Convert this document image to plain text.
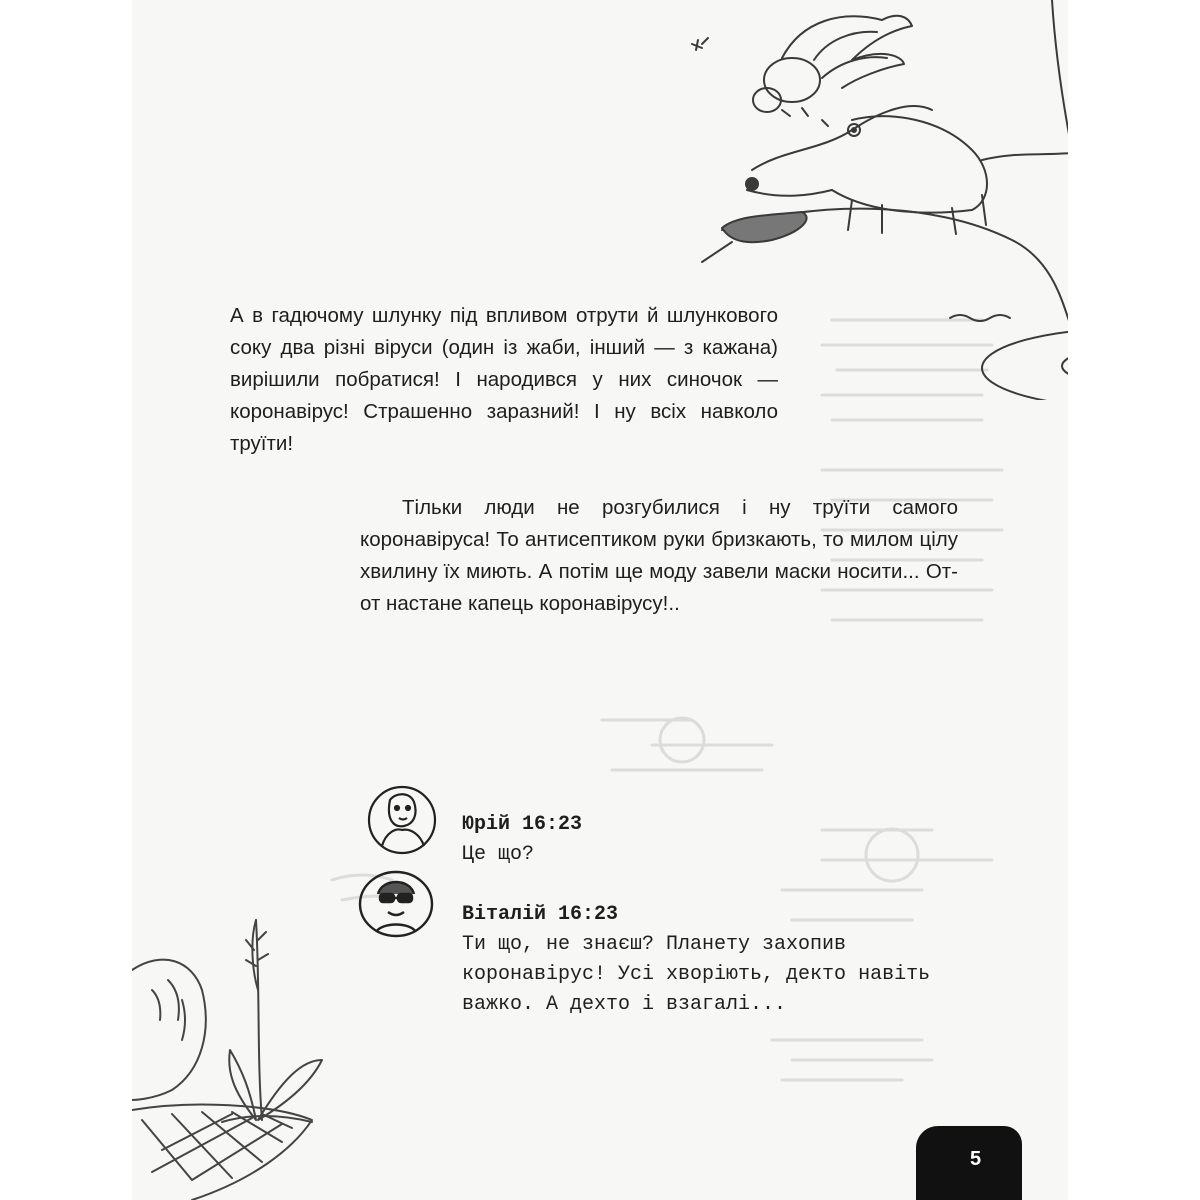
А в гадючому шлунку під впливом отрути й шлункового соку два різні віруси (один із жаби, інший — з кажана) вирішили побратися! І народився у них синочок — коронавірус! Страшенно заразний! І ну всіх навколо труїти!

Тільки люди не розгубилися і ну труїти самого коронавіруса! То антисептиком руки бризкають, то милом цілу хвилину їх миють. А потім ще моду завели маски носити... От-от настане капець коронавірусу!..

Юрій 16:23

Це що?

Віталій 16:23

Ти що, не знаєш? Планету захопив коронавірус! Усі хворіють, декто навіть важко. А дехто і взагалі...

5
